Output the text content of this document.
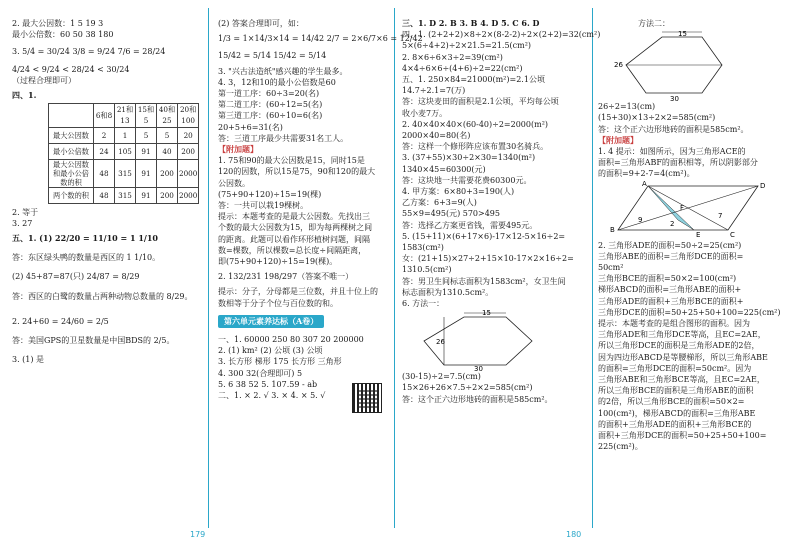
2. 最大公因数：1 5 19 3

最小公倍数：60 50 38 180

3. 5/4 = 30/24 3/8 = 9/24 7/6 = 28/24

4/24 < 9/24 < 28/24 < 30/24

（过程合理即可）

四、1.

	6和8	21和13	15和5	40和25	20和100
最大公因数	2	1	5	5	20
最小公倍数	24	105	91	40	200
最大公因数和最小公倍数的积	48	315	91	200	2000
两个数的积	48	315	91	200	2000

2. 等于

3. 27

五、1. (1) 22/20 = 11/10 = 1 1/10

答：东区绿头鸭的数量是西区的 1 1/10。

(2) 45+87=87(只) 24/87 = 8/29

答：西区的白鹭的数量占两种动物总数量的 8/29。

2. 24+60 = 24/60 = 2/5

答：美国GPS的卫星数量是中国BDS的 2/5。

3. (1) 是

(2) 答案合理即可，如：

1/3 = 1×14/3×14 = 14/42 2/7 = 2×6/7×6 = 12/42

15/42 = 5/14 15/42 = 5/14

3. "兴古法造纸"感兴趣的学生最多。

4. 3，12和10的最小公倍数是60

第一道工序：60÷3=20(名)

第二道工序：(60÷12=5(名)

第三道工序：(60÷10=6(名)

20+5+6=31(名)

答：三道工序最少共需要31名工人。

【附加题】

1. 75和90的最大公因数是15，同时15是

120的因数，所以15是75，90和120的最大

公因数。

(75+90+120)÷15=19(棵)

答：一共可以栽19棵树。

提示：本题考查的是最大公因数。先找出三

个数的最大公因数为15，即为每两棵树之间

的距离。此题可以看作环形植树问题，间隔

数=棵数，所以棵数=总长度÷间隔距离，

即(75+90+120)÷15=19(棵)。

2. 132/231 198/297（答案不唯一）

提示：分子，分母都是三位数，并且十位上的

数相等于分子个位与百位数的和。

第六单元素养达标（A卷）

一、1. 60000 250 80 307 20 200000

2. (1) km² (2) 公顷 (3) 公顷

3. 长方形 梯形 175 长方形 三角形

4. 300 32(合理即可) 5

5. 6 38 52 5. 107.59 - ab

二、1. × 2. √ 3. × 4. × 5. √

三、1. D 2. B 3. B 4. D 5. C 6. D

四、1. (2+2+2)×8÷2×(8-2-2)÷2×(2+2)=32(cm²)

5×(6÷4+2)÷2×21.5=21.5(cm²)

2. 8×6÷6×3÷2=39(cm²)

4×4÷6×6÷(4+6)÷2=22(cm²)

五、1. 250×84=21000(m²)=2.1公顷

14.7÷2.1=7(万)

答：这块麦田的面积是2.1公顷，平均每公顷

收小麦7万。

2. 40×40×40×(60-40)÷2=2000(m²)

2000×40=80(名)

答：这样一个修形阵应该布置30名骑兵。

3. (37+55)×30÷2×30=1340(m²)

1340×45=60300(元)

答：这块地一共需要花费60300元。

4. 甲方案：6×80+3=190(人)

乙方案：6+3=9(人)

55×9=495(元) 570>495

答：选择乙方案更省钱，需要495元。

5. (15+11)×(6+17×6)-17×12-5×16÷2=

1583(cm²)

女：(21+15)×27÷2+15×10-17×2×16÷2=

1310.5(cm²)

答：男卫生间标志面积为1583cm²，女卫生间

标志面积为1310.5cm²。

6. 方法一：

15
26
30

(30-15)÷2=7.5(cm)

15×26+26×7.5÷2×2=585(cm²)

答：这个正六边形地砖的面积是585cm²。

方法二：

15
26
30

26÷2=13(cm)

(15+30)×13÷2×2=585(cm²)

答：这个正六边形地砖的面积是585cm²。

【附加题】

1. 4 提示：如图所示，因为三角形ACE的

面积=三角形ABF的面积相等，所以阴影部分

的面积=9+2-7=4(cm²)。

A
B
C
D
E
F
9	2
7

2. 三角形ADE的面积=50÷2=25(cm²)

三角形ABE的面积=三角形DCE的面积=

50cm²

三角形BCE的面积=50×2=100(cm²)

梯形ABCD的面积=三角形ABE的面积+

三角形ADE的面积+三角形BCE的面积+

三角形DCE的面积=50+25+50+100=225(cm²)

提示：本题考查的是组合图形的面积。因为

三角形ADE和三角形DCE等高，且EC=2AE，

所以三角形DCE的面积是三角形ADE的2倍，

因为四边形ABCD是等腰梯形，所以三角形ABE

的面积=三角形DCE的面积=50cm²。因为

三角形ABE和三角形BCE等高，且EC=2AE，

所以三角形BCE的面积是三角形ABE的面积

的2倍，所以三角形BCE的面积=50×2=

100(cm²)，梯形ABCD的面积=三角形ABE

的面积+三角形ADE的面积+三角形BCE的

面积+三角形DCE的面积=50+25+50+100=

225(cm²)。

179	180
